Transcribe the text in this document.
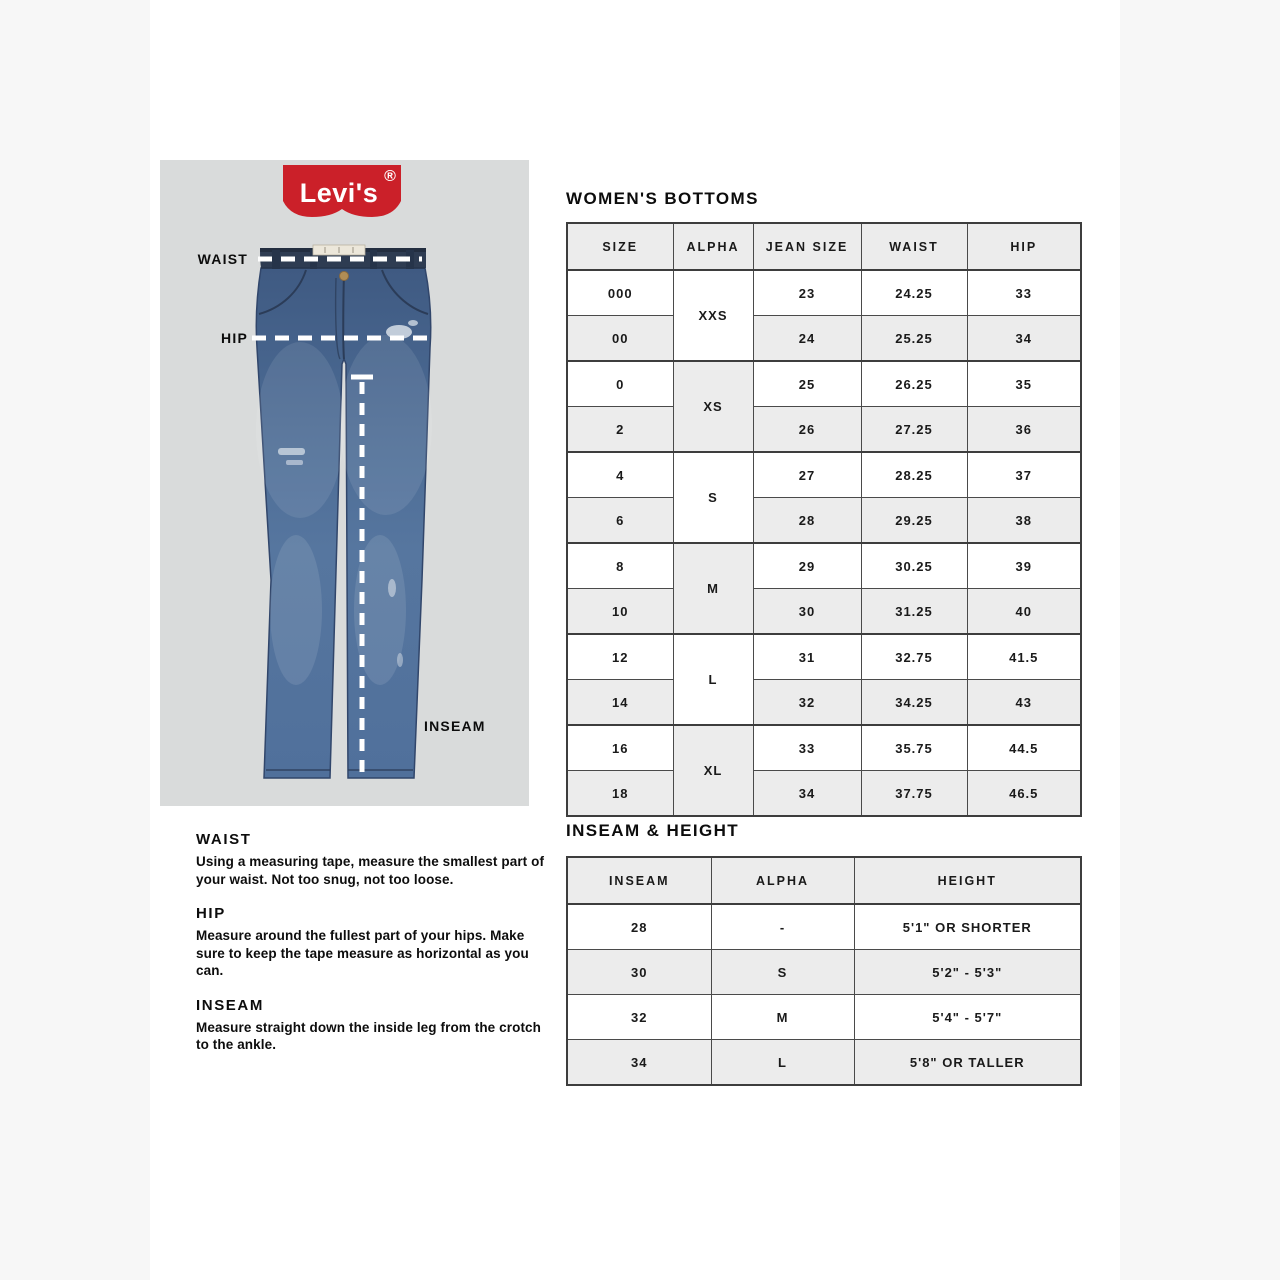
Levi's
®
WAIST
HIP
INSEAM
WOMEN'S BOTTOMS
SIZE	ALPHA	JEAN SIZE	WAIST	HIP
000	XXS	23	24.25	33
00		24	25.25	34
0	XS	25	26.25	35
2		26	27.25	36
4	S	27	28.25	37
6		28	29.25	38
8	M	29	30.25	39
10		30	31.25	40
12	L	31	32.75	41.5
14		32	34.25	43
16	XL	33	35.75	44.5
18		34	37.75	46.5

WAIST

Using a measuring tape, measure the smallest part of your waist. Not too snug, not too loose.

HIP

Measure around the fullest part of your hips. Make sure to keep the tape measure as horizontal as you can.

INSEAM

Measure straight down the inside leg from the crotch to the ankle.

INSEAM & HEIGHT
INSEAM	ALPHA	HEIGHT
28	-	5'1" OR SHORTER
30	S	5'2" - 5'3"
32	M	5'4" - 5'7"
34	L	5'8" OR TALLER
